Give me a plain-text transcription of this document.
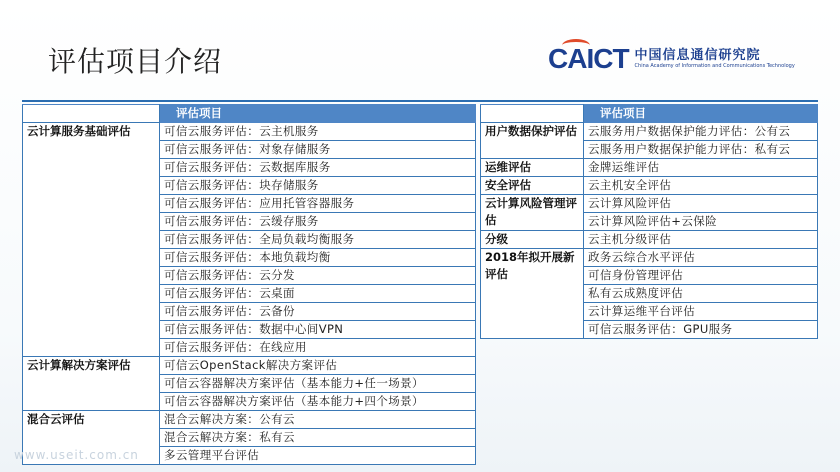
评估项目介绍	CAICT 中国信息通信研究院
China Academy of Information and Communications Technology
	评估项目
云计算服务基础评估	可信云服务评估：云主机服务
	可信云服务评估：对象存储服务
	可信云服务评估：云数据库服务
	可信云服务评估：块存储服务
	可信云服务评估：应用托管容器服务
	可信云服务评估：云缓存服务
	可信云服务评估：全局负载均衡服务
	可信云服务评估：本地负载均衡
	可信云服务评估：云分发
	可信云服务评估：云桌面
	可信云服务评估：云备份
	可信云服务评估：数据中心间VPN
	可信云服务评估：在线应用
云计算解决方案评估	可信云OpenStack解决方案评估
	可信云容器解决方案评估（基本能力+任一场景）
	可信云容器解决方案评估（基本能力+四个场景）
混合云评估	混合云解决方案：公有云
	混合云解决方案：私有云
	多云管理平台评估
	评估项目
用户数据保护评估	云服务用户数据保护能力评估：公有云
	云服务用户数据保护能力评估：私有云
运维评估	金牌运维评估
安全评估	云主机安全评估
云计算风险管理评估	云计算风险评估
	云计算风险评估+云保险
分级	云主机分级评估
2018年拟开展新评估	政务云综合水平评估
	可信身份管理评估
	私有云成熟度评估
	云计算运维平台评估
	可信云服务评估：GPU服务
www.useit.com.cn
